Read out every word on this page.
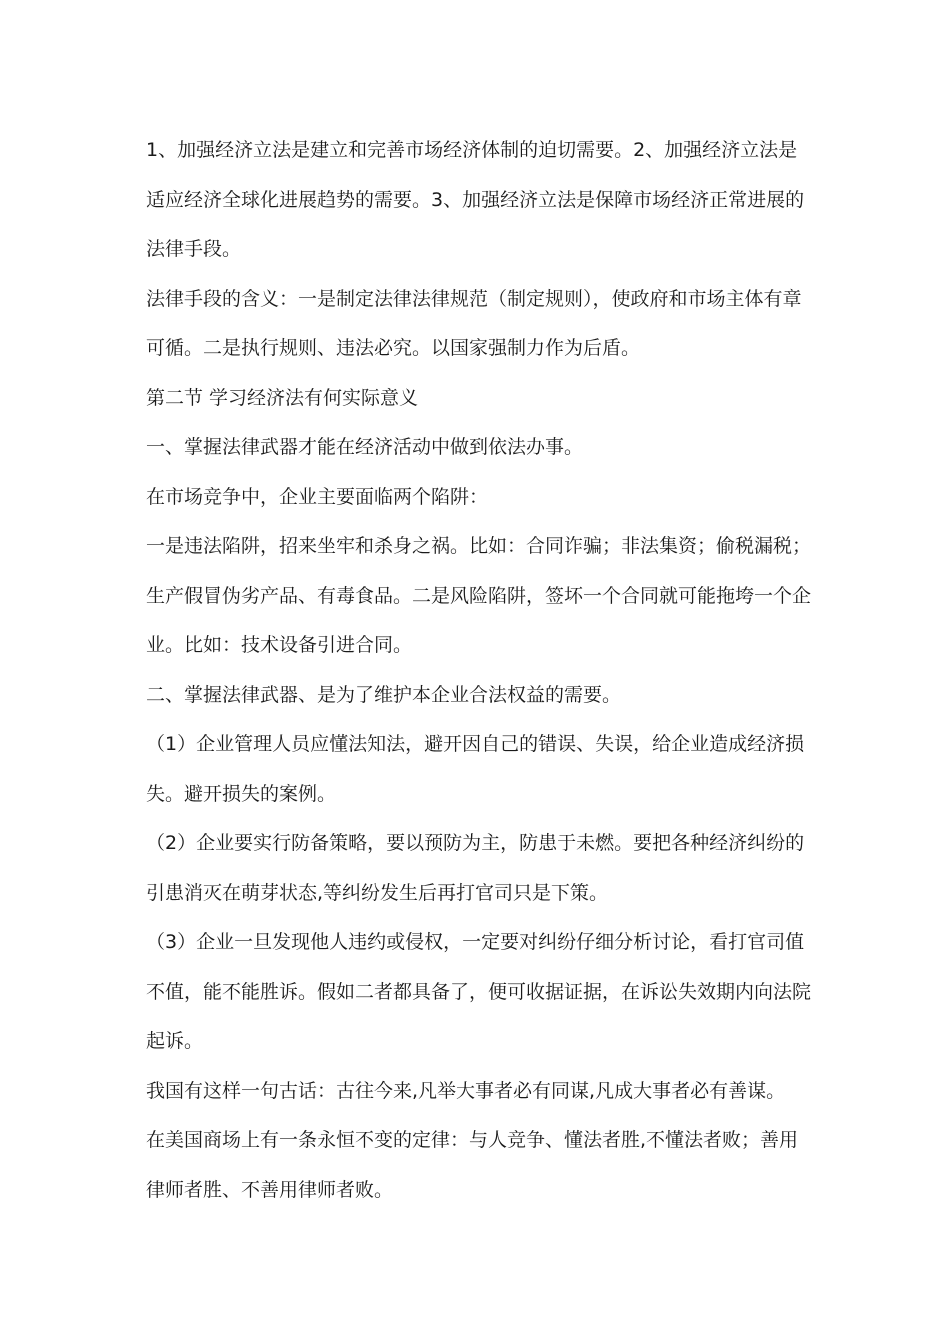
1、加强经济立法是建立和完善市场经济体制的迫切需要。2、加强经济立法是适应经济全球化进展趋势的需要。3、加强经济立法是保障市场经济正常进展的法律手段。

法律手段的含义：一是制定法律法律规范（制定规则），使政府和市场主体有章可循。二是执行规则、违法必究。以国家强制力作为后盾。

第二节 学习经济法有何实际意义

一、掌握法律武器才能在经济活动中做到依法办事。

在市场竞争中，企业主要面临两个陷阱：

一是违法陷阱，招来坐牢和杀身之祸。比如：合同诈骗；非法集资；偷税漏税；生产假冒伪劣产品、有毒食品。二是风险陷阱，签坏一个合同就可能拖垮一个企业。比如：技术设备引进合同。

二、掌握法律武器、是为了维护本企业合法权益的需要。

（1）企业管理人员应懂法知法，避开因自己的错误、失误，给企业造成经济损失。避开损失的案例。

（2）企业要实行防备策略，要以预防为主，防患于未燃。要把各种经济纠纷的引患消灭在萌芽状态,等纠纷发生后再打官司只是下策。

（3）企业一旦发现他人违约或侵权，一定要对纠纷仔细分析讨论，看打官司值不值，能不能胜诉。假如二者都具备了，便可收据证据，在诉讼失效期内向法院起诉。

我国有这样一句古话：古往今来,凡举大事者必有同谋,凡成大事者必有善谋。

在美国商场上有一条永恒不变的定律：与人竞争、懂法者胜,不懂法者败；善用律师者胜、不善用律师者败。
